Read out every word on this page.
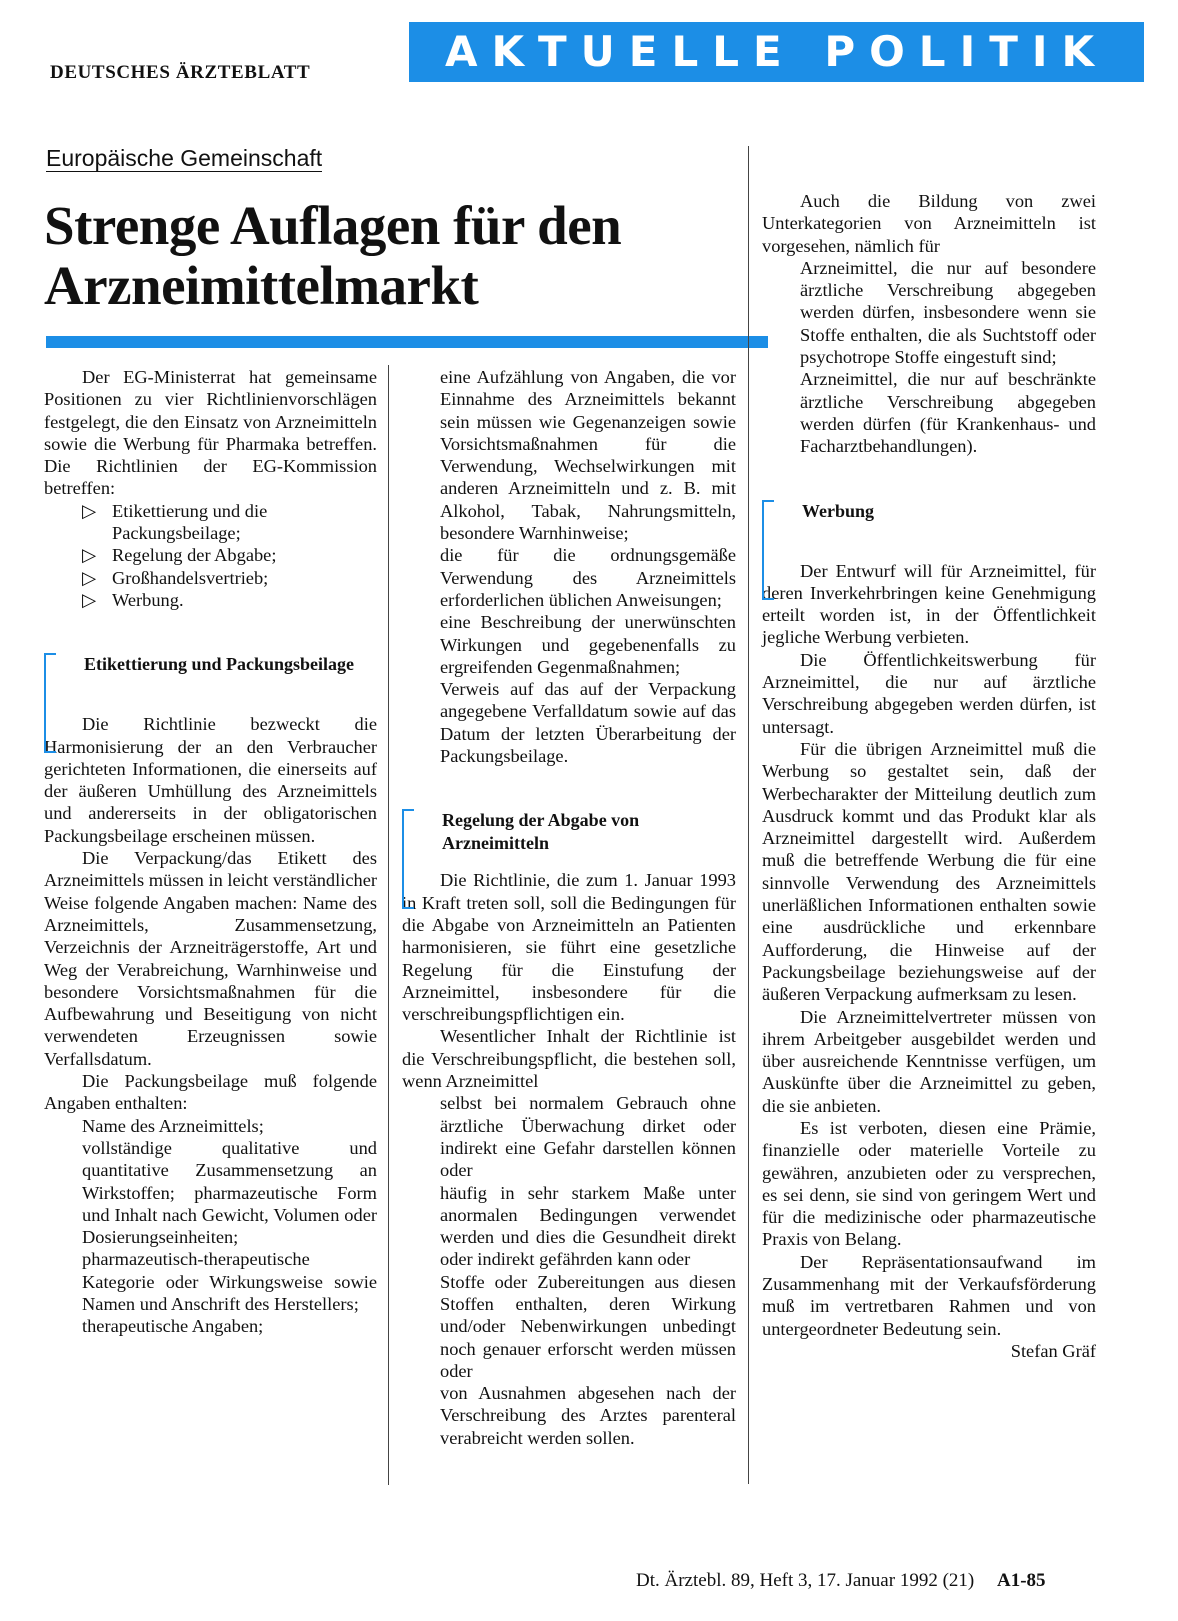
DEUTSCHES ÄRZTEBLATT	AKTUELLE POLITIK
Europäische Gemeinschaft
Strenge Auflagen für den
Arzneimittelmarkt

Der EG-Ministerrat hat gemeinsame Positionen zu vier Richtlinienvorschlägen festgelegt, die den Einsatz von Arzneimitteln sowie die Werbung für Pharmaka betreffen. Die Richtlinien der EG-Kommission betreffen:

▷ Etikettierung und die Packungsbeilage;
▷ Regelung der Abgabe;
▷ Großhandelsvertrieb;
▷ Werbung.
Etikettierung und Packungsbeilage

Die Richtlinie bezweckt die Harmonisierung der an den Verbraucher gerichteten Informationen, die einerseits auf der äußeren Umhüllung des Arzneimittels und andererseits in der obligatorischen Packungsbeilage erscheinen müssen.

Die Verpackung/das Etikett des Arzneimittels müssen in leicht verständlicher Weise folgende Angaben machen: Name des Arzneimittels, Zusammensetzung, Verzeichnis der Arzneiträgerstoffe, Art und Weg der Verabreichung, Warnhinweise und besondere Vorsichtsmaßnahmen für die Aufbewahrung und Beseitigung von nicht verwendeten Erzeugnissen sowie Verfallsdatum.

Die Packungsbeilage muß folgende Angaben enthalten:

Name des Arzneimittels;

vollständige qualitative und quantitative Zusammensetzung an Wirkstoffen; pharmazeutische Form und Inhalt nach Gewicht, Volumen oder Dosierungseinheiten;

pharmazeutisch-therapeutische Kategorie oder Wirkungsweise sowie Namen und Anschrift des Herstellers;

therapeutische Angaben;

eine Aufzählung von Angaben, die vor Einnahme des Arzneimittels bekannt sein müssen wie Gegenanzeigen sowie Vorsichtsmaßnahmen für die Verwendung, Wechselwirkungen mit anderen Arzneimitteln und z. B. mit Alkohol, Tabak, Nahrungsmitteln, besondere Warnhinweise;

die für die ordnungsgemäße Verwendung des Arzneimittels erforderlichen üblichen Anweisungen;

eine Beschreibung der unerwünschten Wirkungen und gegebenenfalls zu ergreifenden Gegenmaßnahmen;

Verweis auf das auf der Verpackung angegebene Verfalldatum sowie auf das Datum der letzten Überarbeitung der Packungsbeilage.

Regelung der Abgabe von Arzneimitteln

Die Richtlinie, die zum 1. Januar 1993 in Kraft treten soll, soll die Bedingungen für die Abgabe von Arzneimitteln an Patienten harmonisieren, sie führt eine gesetzliche Regelung für die Einstufung der Arzneimittel, insbesondere für die verschreibungspflichtigen ein.

Wesentlicher Inhalt der Richtlinie ist die Verschreibungspflicht, die bestehen soll, wenn Arzneimittel

selbst bei normalem Gebrauch ohne ärztliche Überwachung dirket oder indirekt eine Gefahr darstellen können oder

häufig in sehr starkem Maße unter anormalen Bedingungen verwendet werden und dies die Gesundheit direkt oder indirekt gefährden kann oder

Stoffe oder Zubereitungen aus diesen Stoffen enthalten, deren Wirkung und/oder Nebenwirkungen unbedingt noch genauer erforscht werden müssen oder

von Ausnahmen abgesehen nach der Verschreibung des Arztes parenteral verabreicht werden sollen.

Auch die Bildung von zwei Unterkategorien von Arzneimitteln ist vorgesehen, nämlich für

Arzneimittel, die nur auf besondere ärztliche Verschreibung abgegeben werden dürfen, insbesondere wenn sie Stoffe enthalten, die als Suchtstoff oder psychotrope Stoffe eingestuft sind;

Arzneimittel, die nur auf beschränkte ärztliche Verschreibung abgegeben werden dürfen (für Krankenhaus- und Facharztbehandlungen).

Werbung

Der Entwurf will für Arzneimittel, für deren Inverkehrbringen keine Genehmigung erteilt worden ist, in der Öffentlichkeit jegliche Werbung verbieten.

Die Öffentlichkeitswerbung für Arzneimittel, die nur auf ärztliche Verschreibung abgegeben werden dürfen, ist untersagt.

Für die übrigen Arzneimittel muß die Werbung so gestaltet sein, daß der Werbecharakter der Mitteilung deutlich zum Ausdruck kommt und das Produkt klar als Arzneimittel dargestellt wird. Außerdem muß die betreffende Werbung die für eine sinnvolle Verwendung des Arzneimittels unerläßlichen Informationen enthalten sowie eine ausdrückliche und erkennbare Aufforderung, die Hinweise auf der Packungsbeilage beziehungsweise auf der äußeren Verpackung aufmerksam zu lesen.

Die Arzneimittelvertreter müssen von ihrem Arbeitgeber ausgebildet werden und über ausreichende Kenntnisse verfügen, um Auskünfte über die Arzneimittel zu geben, die sie anbieten.

Es ist verboten, diesen eine Prämie, finanzielle oder materielle Vorteile zu gewähren, anzubieten oder zu versprechen, es sei denn, sie sind von geringem Wert und für die medizinische oder pharmazeutische Praxis von Belang.

Der Repräsentationsaufwand im Zusammenhang mit der Verkaufsförderung muß im vertretbaren Rahmen und von untergeordneter Bedeutung sein.

Stefan Gräf

Dt. Ärztebl. 89, Heft 3, 17. Januar 1992 (21) A1-85
